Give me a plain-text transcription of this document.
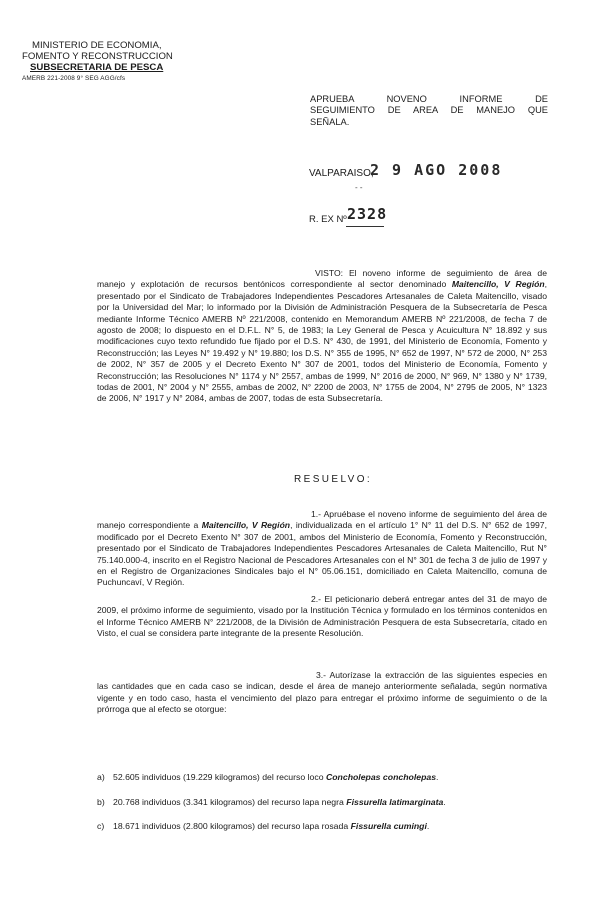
MINISTERIO DE ECONOMIA,
FOMENTO Y RECONSTRUCCION
SUBSECRETARIA DE PESCA
AMERB 221-2008 9° SEG AGG/cfs
APRUEBA NOVENO INFORME DE
SEGUIMIENTO DE AREA DE MANEJO QUE
SEÑALA.
VALPARAISO,
2 9 AGO 2008
- -
R. EX Nº 2328
VISTO: El noveno informe de seguimiento de área de manejo y explotación de recursos bentónicos correspondiente al sector denominado Maitencillo, V Región, presentado por el Sindicato de Trabajadores Independientes Pescadores Artesanales de Caleta Maitencillo, visado por la Universidad del Mar; lo informado por la División de Administración Pesquera de la Subsecretaría de Pesca mediante Informe Técnico AMERB Nº 221/2008, contenido en Memorandum AMERB Nº 221/2008, de fecha 7 de agosto de 2008; lo dispuesto en el D.F.L. N° 5, de 1983; la Ley General de Pesca y Acuicultura N° 18.892 y sus modificaciones cuyo texto refundido fue fijado por el D.S. N° 430, de 1991, del Ministerio de Economía, Fomento y Reconstrucción; las Leyes N° 19.492 y N° 19.880; los D.S. N° 355 de 1995, N° 652 de 1997, N° 572 de 2000, N° 253 de 2002, N° 357 de 2005 y el Decreto Exento N° 307 de 2001, todos del Ministerio de Economía, Fomento y Reconstrucción; las Resoluciones N° 1174 y N° 2557, ambas de 1999, N° 2016 de 2000, N° 969, N° 1380 y N° 1739, todas de 2001, N° 2004 y N° 2555, ambas de 2002, N° 2200 de 2003, N° 1755 de 2004, N° 2795 de 2005, N° 1323 de 2006, N° 1917 y N° 2084, ambas de 2007, todas de esta Subsecretaría.
RESUELVO:
1.- Apruébase el noveno informe de seguimiento del área de manejo correspondiente a Maitencillo, V Región, individualizada en el artículo 1° N° 11 del D.S. N° 652 de 1997, modificado por el Decreto Exento N° 307 de 2001, ambos del Ministerio de Economía, Fomento y Reconstrucción, presentado por el Sindicato de Trabajadores Independientes Pescadores Artesanales de Caleta Maitencillo, Rut N° 75.140.000-4, inscrito en el Registro Nacional de Pescadores Artesanales con el N° 301 de fecha 3 de julio de 1997 y en el Registro de Organizaciones Sindicales bajo el N° 05.06.151, domiciliado en Caleta Maitencillo, comuna de Puchuncaví, V Región.
2.- El peticionario deberá entregar antes del 31 de mayo de 2009, el próximo informe de seguimiento, visado por la Institución Técnica y formulado en los términos contenidos en el Informe Técnico AMERB N° 221/2008, de la División de Administración Pesquera de esta Subsecretaría, citado en Visto, el cual se considera parte integrante de la presente Resolución.
3.- Autorízase la extracción de las siguientes especies en las cantidades que en cada caso se indican, desde el área de manejo anteriormente señalada, según normativa vigente y en todo caso, hasta el vencimiento del plazo para entregar el próximo informe de seguimiento o de la prórroga que al efecto se otorgue:
a) 52.605 individuos (19.229 kilogramos) del recurso loco Concholepas concholepas.
b) 20.768 individuos (3.341 kilogramos) del recurso lapa negra Fissurella latimarginata.
c) 18.671 individuos (2.800 kilogramos) del recurso lapa rosada Fissurella cumingi.
